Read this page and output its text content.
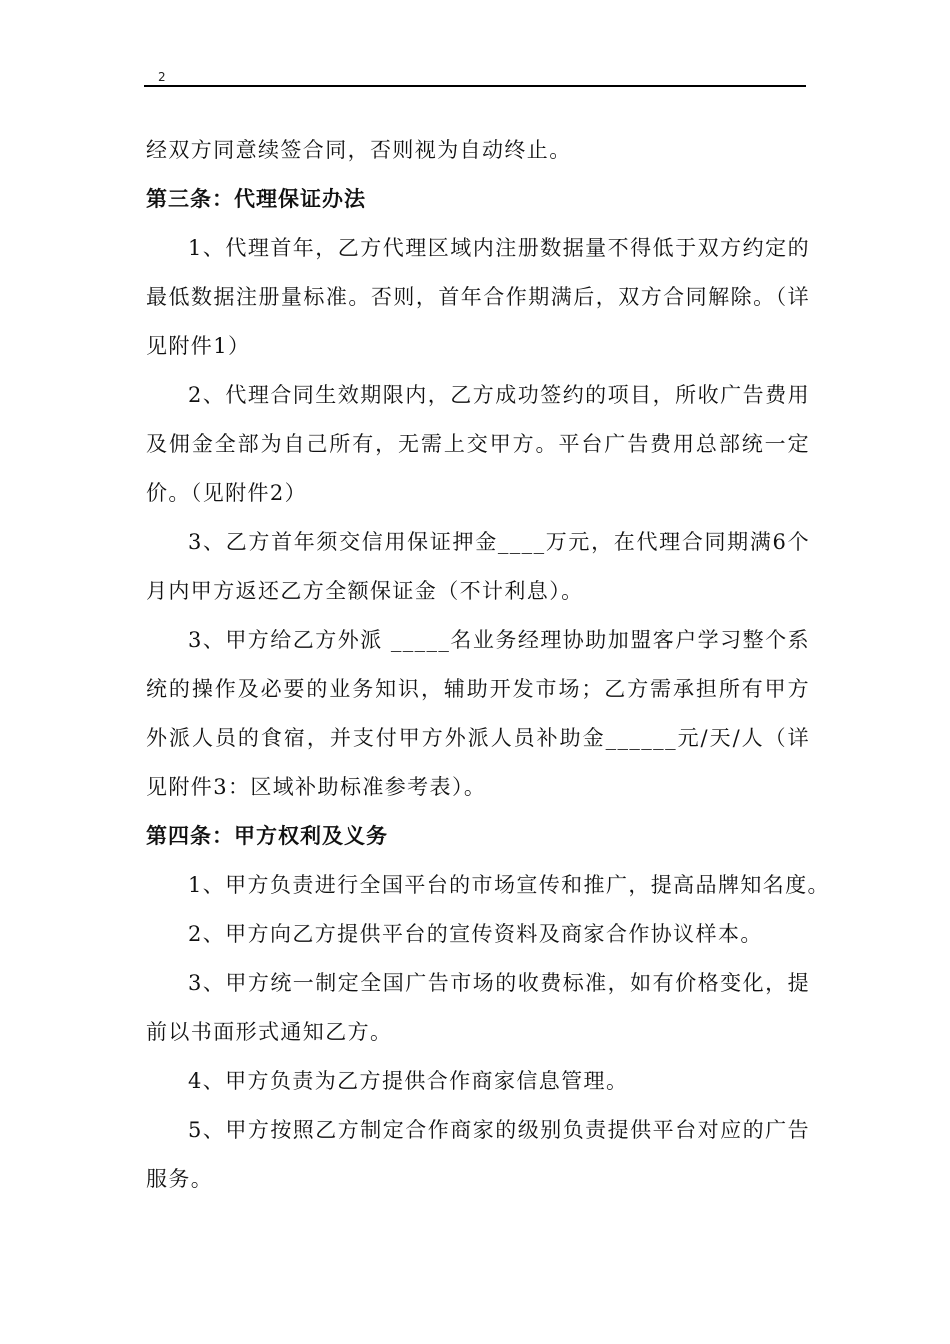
2

经双方同意续签合同，否则视为自动终止。

第三条：代理保证办法

1、代理首年，乙方代理区域内注册数据量不得低于双方约定的最低数据注册量标准。否则，首年合作期满后，双方合同解除。（详见附件1）

2、代理合同生效期限内，乙方成功签约的项目，所收广告费用及佣金全部为自己所有，无需上交甲方。平台广告费用总部统一定价。（见附件2）

3、乙方首年须交信用保证押金____万元，在代理合同期满6个月内甲方返还乙方全额保证金（不计利息）。

3、甲方给乙方外派 _____名业务经理协助加盟客户学习整个系统的操作及必要的业务知识，辅助开发市场；乙方需承担所有甲方外派人员的食宿，并支付甲方外派人员补助金______元/天/人（详见附件3：区域补助标准参考表）。

第四条：甲方权利及义务

1、甲方负责进行全国平台的市场宣传和推广，提高品牌知名度。

2、甲方向乙方提供平台的宣传资料及商家合作协议样本。

3、甲方统一制定全国广告市场的收费标准，如有价格变化，提前以书面形式通知乙方。

4、甲方负责为乙方提供合作商家信息管理。

5、甲方按照乙方制定合作商家的级别负责提供平台对应的广告服务。
